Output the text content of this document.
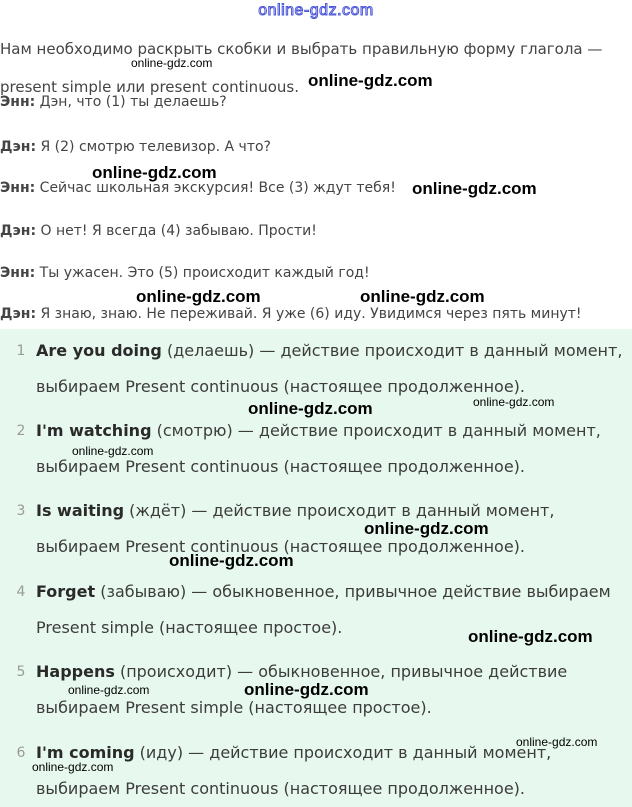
online-gdz.com
Нам необходимо раскрыть скобки и выбрать правильную форму глагола — present simple или present continuous.
Энн: Дэн, что (1) ты делаешь?
Дэн: Я (2) смотрю телевизор. А что?
Энн: Сейчас школьная экскурсия! Все (3) ждут тебя!
Дэн: О нет! Я всегда (4) забываю. Прости!
Энн: Ты ужасен. Это (5) происходит каждый год!
Дэн: Я знаю, знаю. Не переживай. Я уже (6) иду. Увидимся через пять минут!
1 Are you doing (делаешь) — действие происходит в данный момент, выбираем Present continuous (настоящее продолженное).

2 I'm watching (смотрю) — действие происходит в данный момент, выбираем Present continuous (настоящее продолженное).

3 Is waiting (ждёт) — действие происходит в данный момент, выбираем Present continuous (настоящее продолженное).

4 Forget (забываю) — обыкновенное, привычное действие выбираем Present simple (настоящее простое).

5 Happens (происходит) — обыкновенное, привычное действие выбираем Present simple (настоящее простое).

6 I'm coming (иду) — действие происходит в данный момент, выбираем Present continuous (настоящее продолженное).

online-gdz.com
online-gdz.com
online-gdz.com
online-gdz.com
online-gdz.com	online-gdz.com
online-gdz.com	online-gdz.com
online-gdz.com
online-gdz.com
online-gdz.com
online-gdz.com
online-gdz.com	online-gdz.com
online-gdz.com
online-gdz.com
